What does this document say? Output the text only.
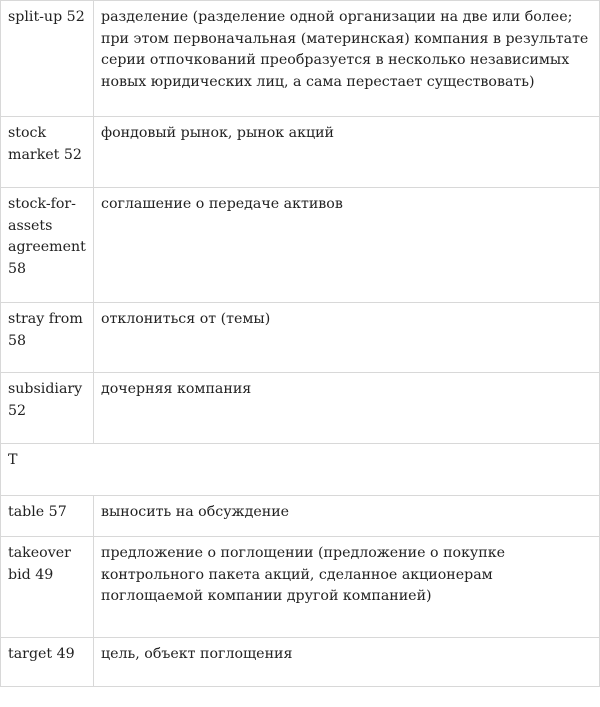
split-up 52	разделение (разделение одной организации на две или более; при этом первоначальная (материнская) компания в результате серии отпочкований преобразуется в несколько независимых новых юридических лиц, а сама перестает существовать)
stock market 52	фондовый рынок, рынок акций
stock-for-assets agreement 58	соглашение о передаче активов
stray from 58	отклониться от (темы)
subsidiary 52	дочерняя компания
T	
table 57	выносить на обсуждение
takeover bid 49	предложение о поглощении (предложение о покупке контрольного пакета акций, сделанное акционерам поглощаемой компании другой компанией)
target 49	цель, объект поглощения
